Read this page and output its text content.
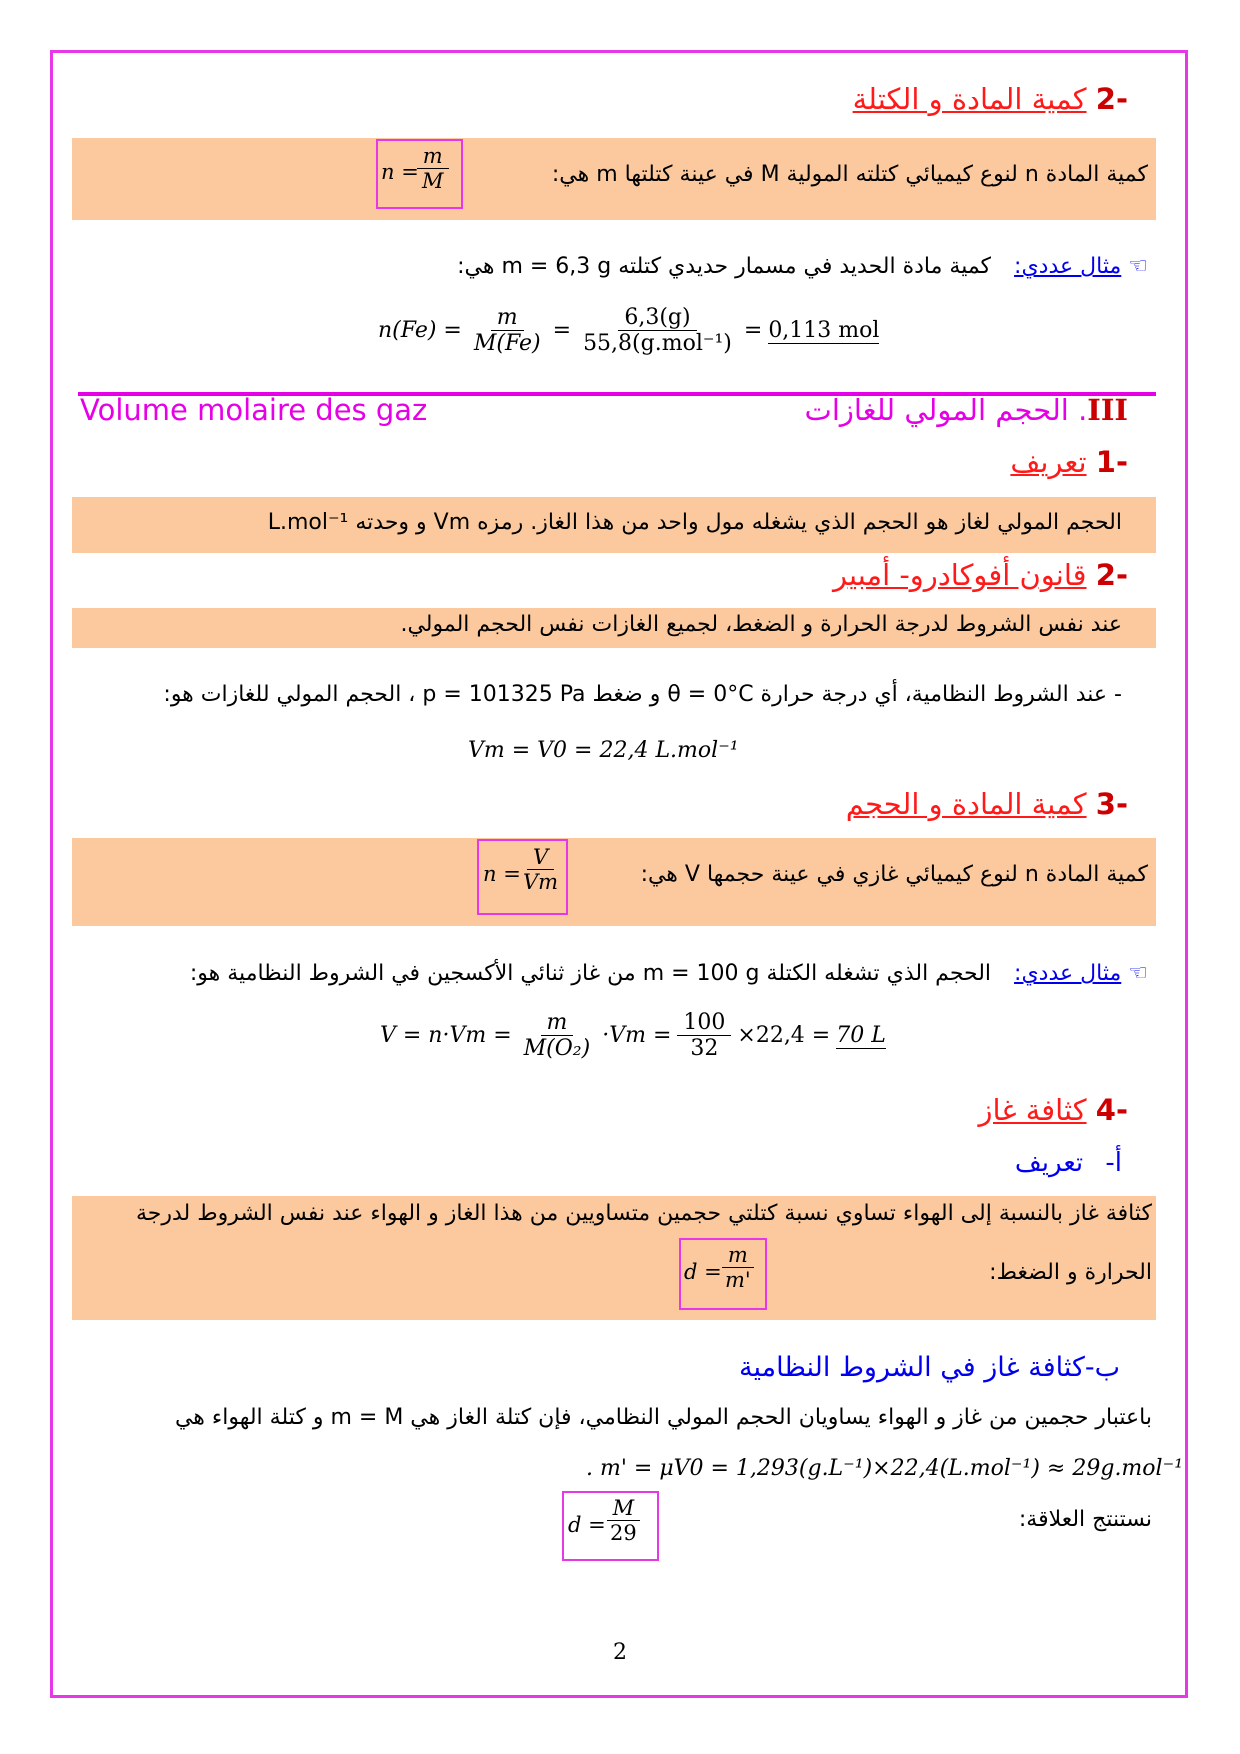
-2 كمية المادة و الكتلة
كمية المادة n لنوع كيميائي كتلته المولية M في عينة كتلتها m هي:
n =
$\frac{m}{M}$
☜ مثال عددي: كمية مادة الحديد في مسمار حديدي كتلته m = 6,3 g هي:
$n(Fe) = \frac{m}{M(Fe)} = \frac{6,3(g)}{\text{55,8(g.mol⁻¹)}} = 0,113$ mol
Volume molaire des gaz	III. الحجم المولي للغازات
-1 تعريف
الحجم المولي لغاز هو الحجم الذي يشغله مول واحد من هذا الغاز. رمزه Vm و وحدته L.mol⁻¹
-2 قانون أفوكادرو- أمبير
عند نفس الشروط لدرجة الحرارة و الضغط، لجميع الغازات نفس الحجم المولي.
- عند الشروط النظامية، أي درجة حرارة θ = 0°C و ضغط p = 101325 Pa ، الحجم المولي للغازات هو:
Vm = V0 = 22,4 L.mol⁻¹
-3 كمية المادة و الحجم
كمية المادة n لنوع كيميائي غازي في عينة حجمها V هي:
n =
$\frac{V}{Vm}$
☜ مثال عددي: الحجم الذي تشغله الكتلة m = 100 g من غاز ثنائي الأكسجين في الشروط النظامية هو:
$V = n\cdot Vm = \frac{m}{\text{M(O₂)}} \cdot Vm = \frac{100}{32} \times 22,4 = 70$ L
-4 كثافة غاز
أ- تعريف
كثافة غاز بالنسبة إلى الهواء تساوي نسبة كتلتي حجمين متساويين من هذا الغاز و الهواء عند نفس الشروط لدرجة
الحرارة و الضغط:
d =
$\frac{m}{m'}$
ب-كثافة غاز في الشروط النظامية
باعتبار حجمين من غاز و الهواء يساويان الحجم المولي النظامي، فإن كتلة الغاز هي m = M و كتلة الهواء هي
. m' = μV0 = 1,293(g.L⁻¹)×22,4(L.mol⁻¹) ≈ 29g.mol⁻¹
نستنتج العلاقة:
d =
$\frac{M}{29}$
2
